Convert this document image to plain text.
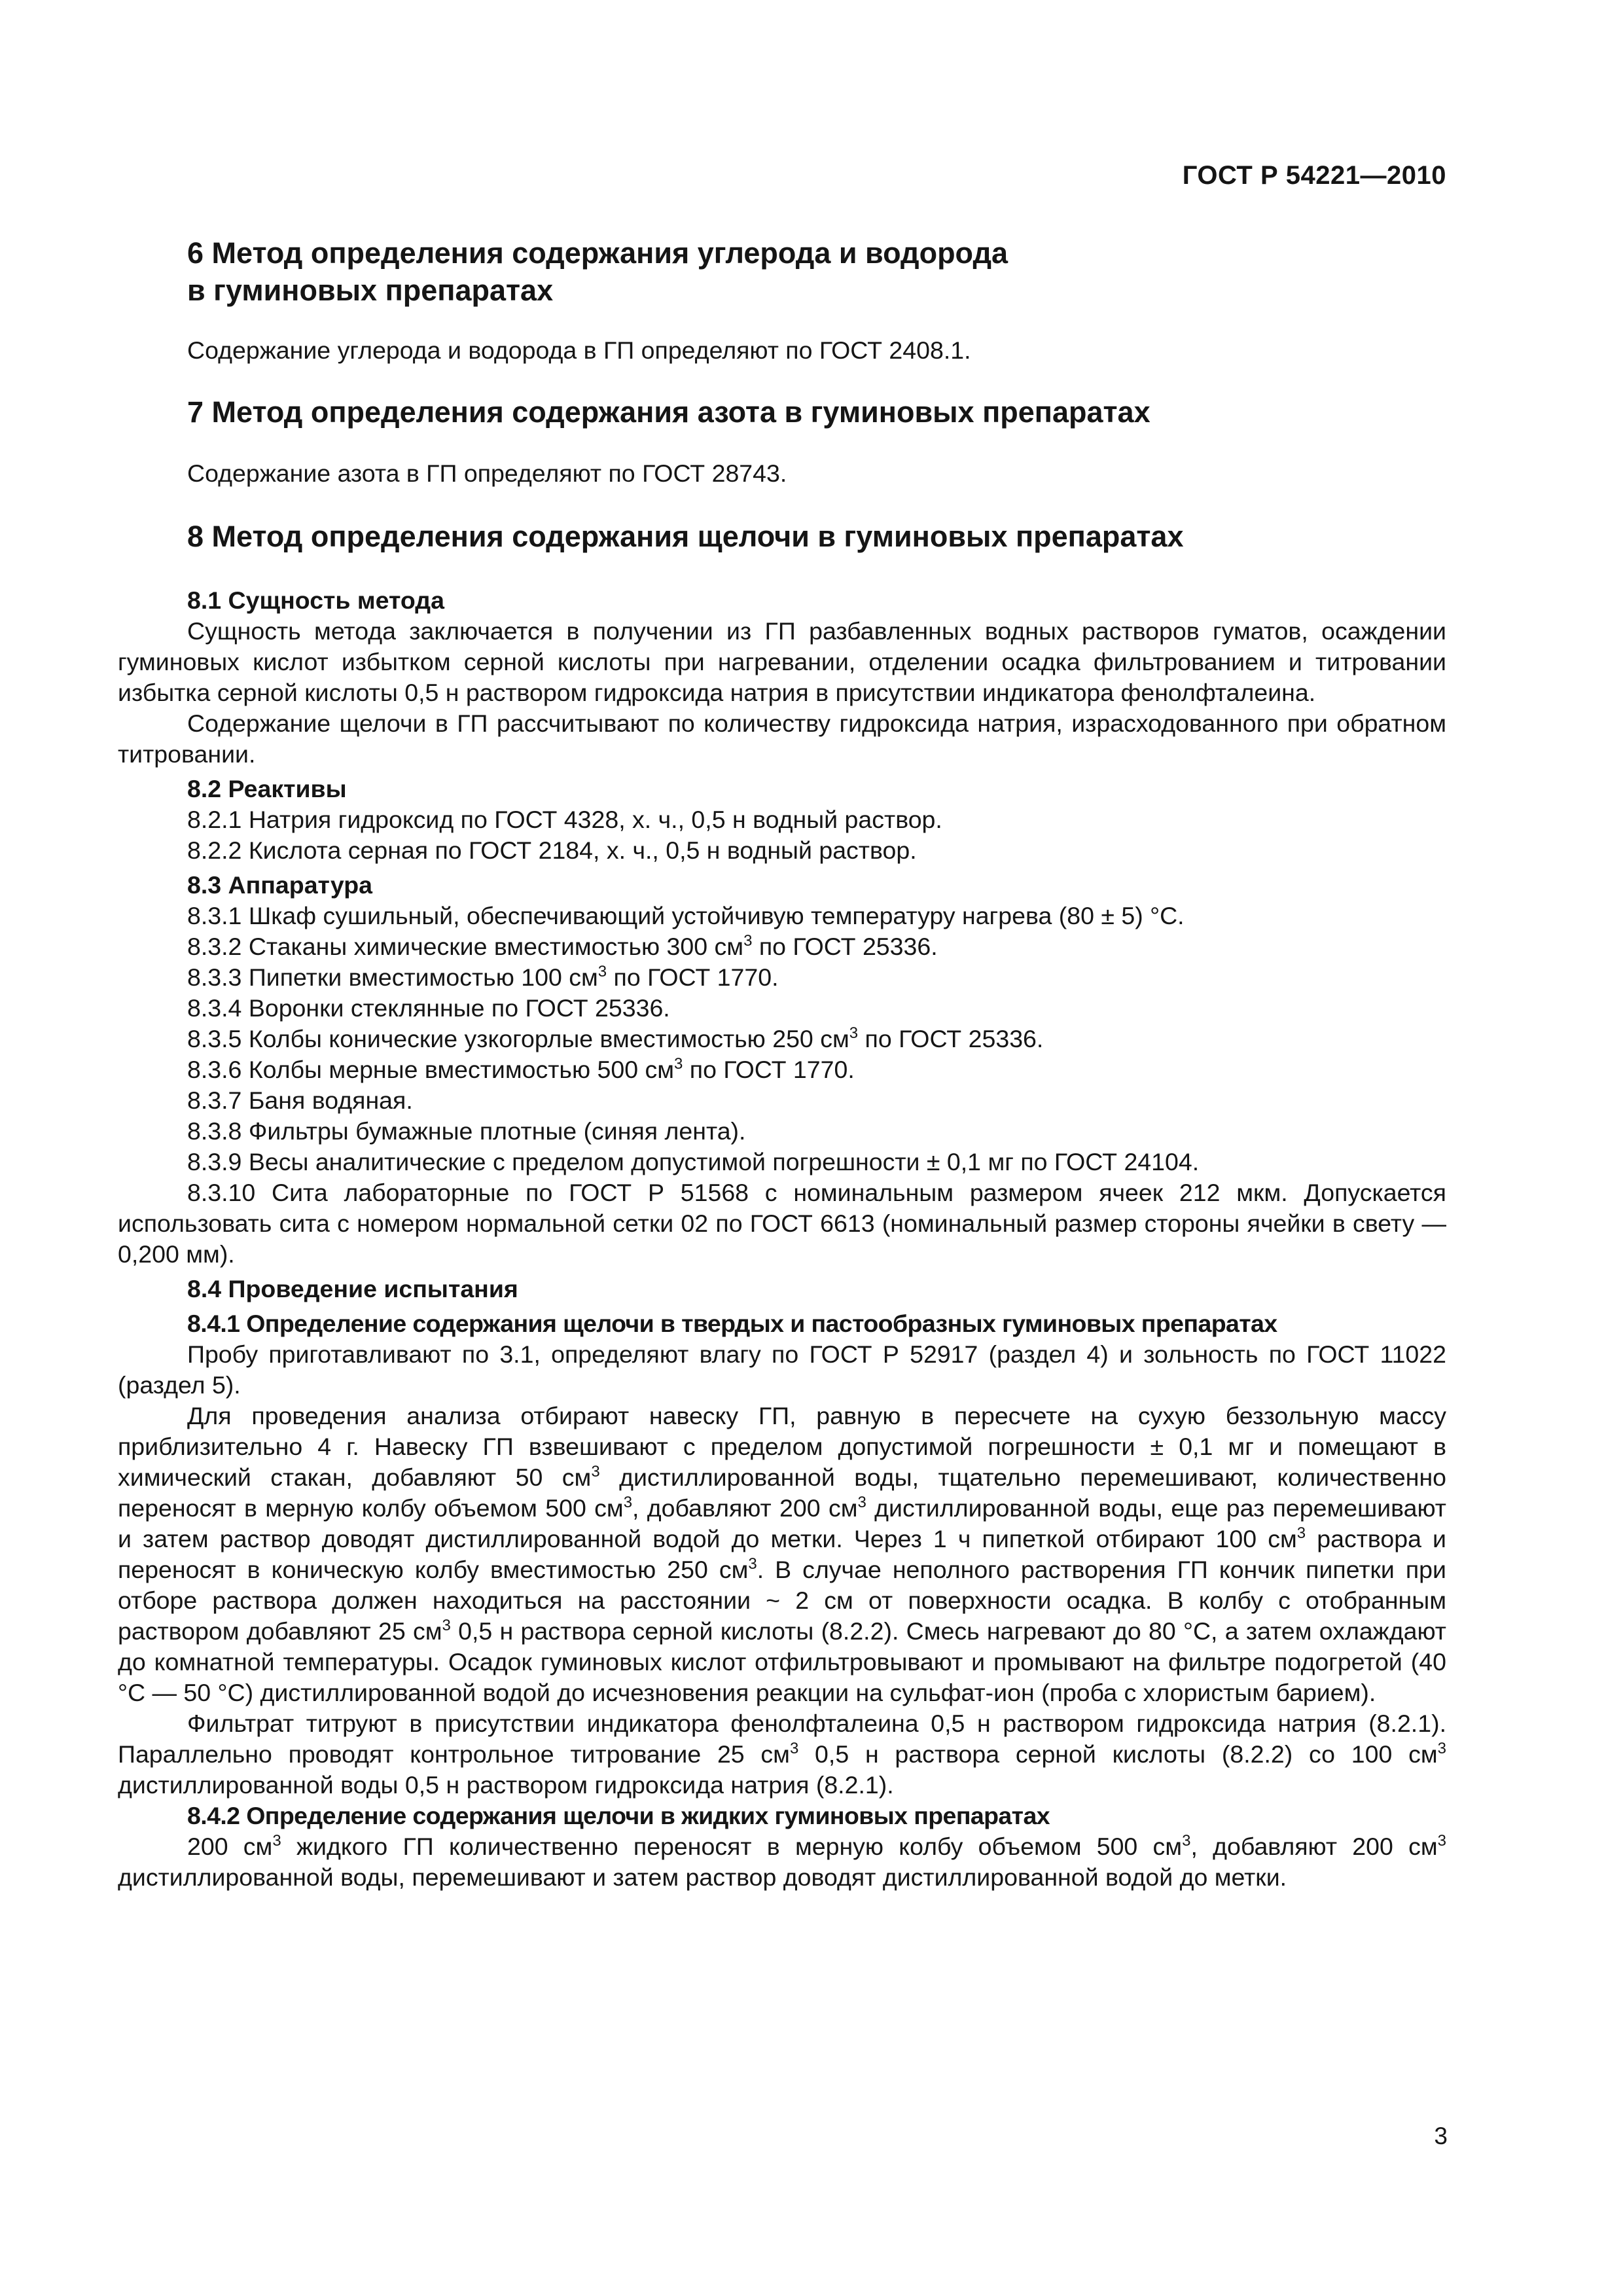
ГОСТ Р 54221—2010
6 Метод определения содержания углерода и водорода
в гуминовых препаратах

Содержание углерода и водорода в ГП определяют по ГОСТ 2408.1.

7 Метод определения содержания азота в гуминовых препаратах

Содержание азота в ГП определяют по ГОСТ 28743.

8 Метод определения содержания щелочи в гуминовых препаратах
8.1 Сущность метода

Сущность метода заключается в получении из ГП разбавленных водных растворов гуматов, осаждении гуминовых кислот избытком серной кислоты при нагревании, отделении осадка фильтрованием и титровании избытка серной кислоты 0,5 н раствором гидроксида натрия в присутствии индикатора фенолфталеина.

Содержание щелочи в ГП рассчитывают по количеству гидроксида натрия, израсходованного при обратном титровании.

8.2 Реактивы

8.2.1 Натрия гидроксид по ГОСТ 4328, х. ч., 0,5 н водный раствор.

8.2.2 Кислота серная по ГОСТ 2184, х. ч., 0,5 н водный раствор.

8.3 Аппаратура

8.3.1 Шкаф сушильный, обеспечивающий устойчивую температуру нагрева (80 ± 5) °С.

8.3.2 Стаканы химические вместимостью 300 $см^3$ по ГОСТ 25336.

8.3.3 Пипетки вместимостью 100 $см^3$ по ГОСТ 1770.

8.3.4 Воронки стеклянные по ГОСТ 25336.

8.3.5 Колбы конические узкогорлые вместимостью 250 $см^3$ по ГОСТ 25336.

8.3.6 Колбы мерные вместимостью 500 $см^3$ по ГОСТ 1770.

8.3.7 Баня водяная.

8.3.8 Фильтры бумажные плотные (синяя лента).

8.3.9 Весы аналитические с пределом допустимой погрешности ± 0,1 мг по ГОСТ 24104.

8.3.10 Сита лабораторные по ГОСТ Р 51568 с номинальным размером ячеек 212 мкм. Допускается использовать сита с номером нормальной сетки 02 по ГОСТ 6613 (номинальный размер стороны ячейки в свету — 0,200 мм).

8.4 Проведение испытания
8.4.1 Определение содержания щелочи в твердых и пастообразных гуминовых препаратах

Пробу приготавливают по 3.1, определяют влагу по ГОСТ Р 52917 (раздел 4) и зольность по ГОСТ 11022 (раздел 5).

Для проведения анализа отбирают навеску ГП, равную в пересчете на сухую беззольную массу приблизительно 4 г. Навеску ГП взвешивают с пределом допустимой погрешности ± 0,1 мг и помещают в химический стакан, добавляют 50 $см^3$ дистиллированной воды, тщательно перемешивают, количественно переносят в мерную колбу объемом 500 $см^3$, добавляют 200 $см^3$ дистиллированной воды, еще раз перемешивают и затем раствор доводят дистиллированной водой до метки. Через 1 ч пипеткой отбирают 100 $см^3$ раствора и переносят в коническую колбу вместимостью 250 $см^3$. В случае неполного растворения ГП кончик пипетки при отборе раствора должен находиться на расстоянии ~ 2 см от поверхности осадка. В колбу с отобранным раствором добавляют 25 $см^3$ 0,5 н раствора серной кислоты (8.2.2). Смесь нагревают до 80 °С, а затем охлаждают до комнатной температуры. Осадок гуминовых кислот отфильтровывают и промывают на фильтре подогретой (40 °С — 50 °С) дистиллированной водой до исчезновения реакции на сульфат-ион (проба с хлористым барием).

Фильтрат титруют в присутствии индикатора фенолфталеина 0,5 н раствором гидроксида натрия (8.2.1). Параллельно проводят контрольное титрование 25 $см^3$ 0,5 н раствора серной кислоты (8.2.2) со 100 $см^3$ дистиллированной воды 0,5 н раствором гидроксида натрия (8.2.1).

8.4.2 Определение содержания щелочи в жидких гуминовых препаратах

200 $см^3$ жидкого ГП количественно переносят в мерную колбу объемом 500 $см^3$, добавляют 200 $см^3$ дистиллированной воды, перемешивают и затем раствор доводят дистиллированной водой до метки.

3
